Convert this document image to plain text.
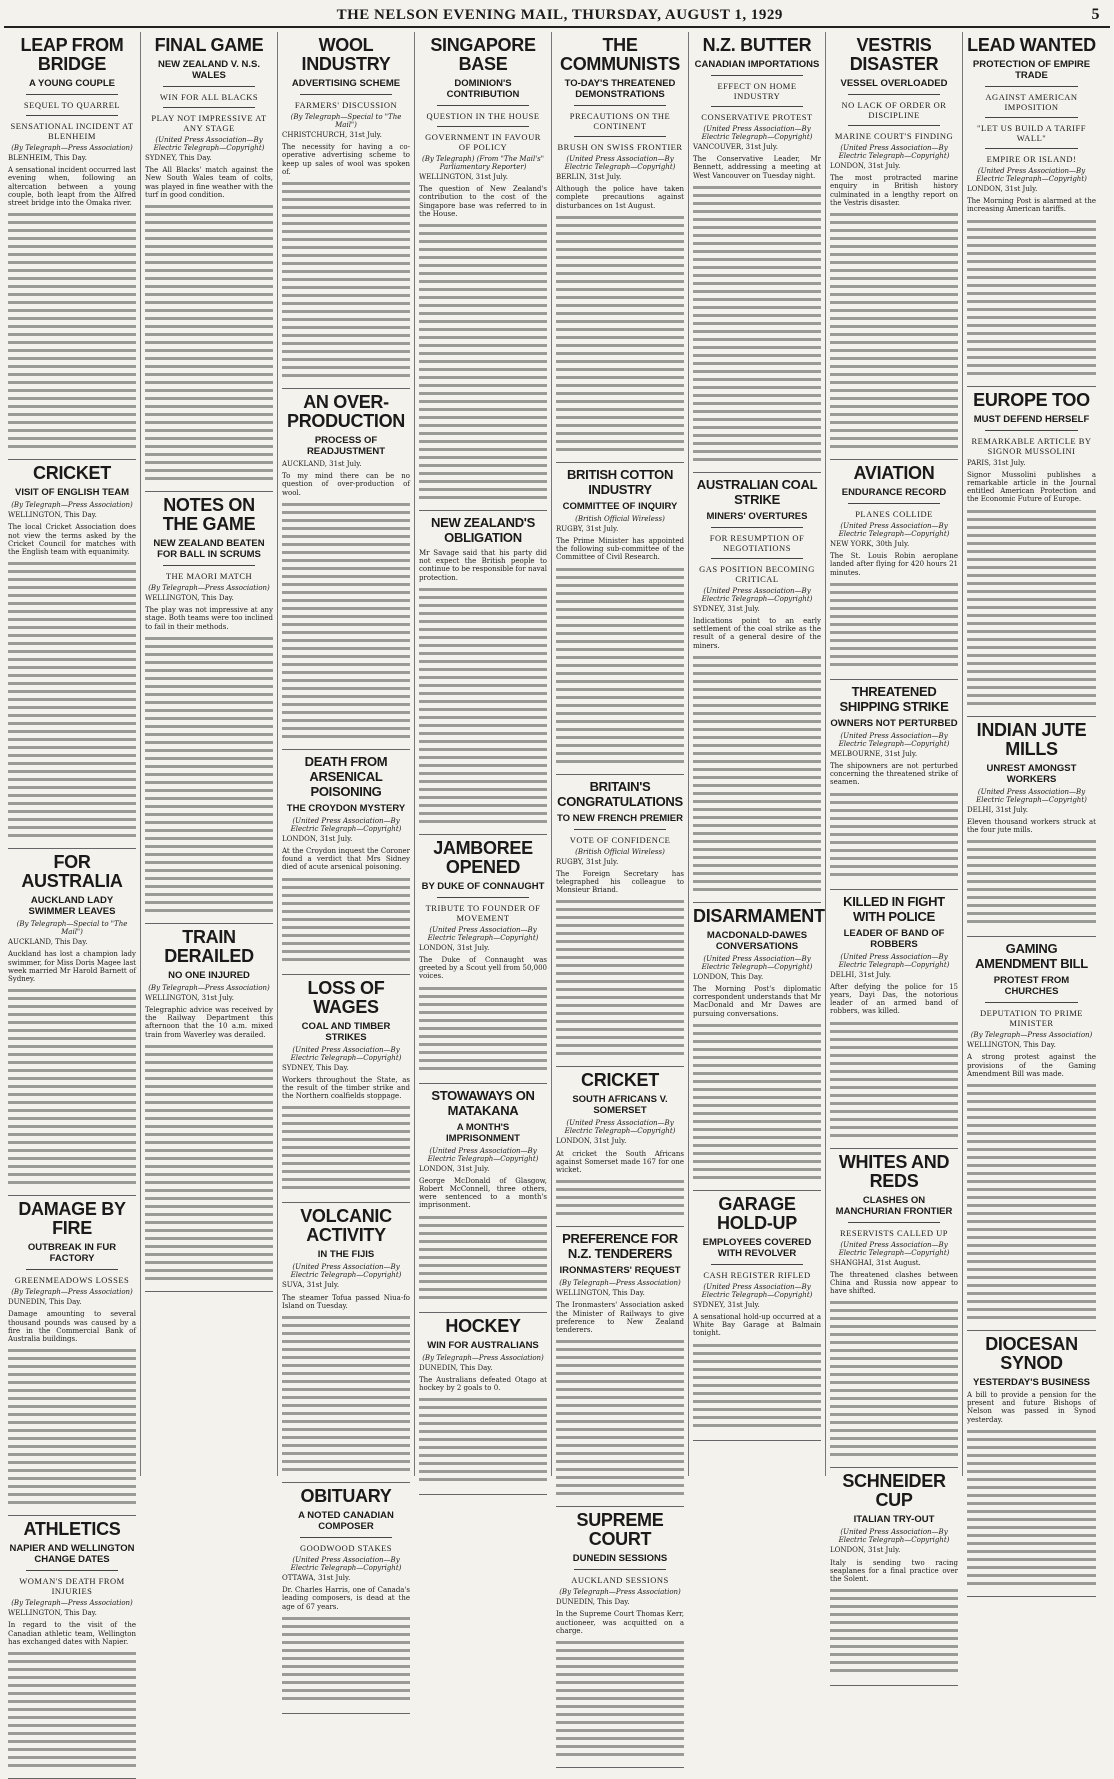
THE NELSON EVENING MAIL, THURSDAY, AUGUST 1, 1929	5
LEAP FROM BRIDGE
A YOUNG COUPLE
SEQUEL TO QUARREL
SENSATIONAL INCIDENT AT BLENHEIM
(By Telegraph—Press Association)
BLENHEIM, This Day.
A sensational incident occurred last evening when, following an altercation between a young couple, both leapt from the Alfred street bridge into the Omaka river.
CRICKET
VISIT OF ENGLISH TEAM
(By Telegraph—Press Association)
WELLINGTON, This Day.
The local Cricket Association does not view the terms asked by the Cricket Council for matches with the English team with equanimity.
FOR AUSTRALIA
AUCKLAND LADY SWIMMER LEAVES
(By Telegraph—Special to "The Mail")
AUCKLAND, This Day.
Auckland has lost a champion lady swimmer, for Miss Doris Magee last week married Mr Harold Barnett of Sydney.
DAMAGE BY FIRE
OUTBREAK IN FUR FACTORY
GREENMEADOWS LOSSES
(By Telegraph—Press Association)
DUNEDIN, This Day.
Damage amounting to several thousand pounds was caused by a fire in the Commercial Bank of Australia buildings.
ATHLETICS
NAPIER AND WELLINGTON CHANGE DATES
WOMAN'S DEATH FROM INJURIES
(By Telegraph—Press Association)
WELLINGTON, This Day.
In regard to the visit of the Canadian athletic team, Wellington has exchanged dates with Napier.
FINAL GAME
NEW ZEALAND V. N.S. WALES
WIN FOR ALL BLACKS
PLAY NOT IMPRESSIVE AT ANY STAGE
(United Press Association—By Electric Telegraph—Copyright)
SYDNEY, This Day.
The All Blacks' match against the New South Wales team of colts, was played in fine weather with the turf in good condition.
NOTES ON THE GAME
NEW ZEALAND BEATEN FOR BALL IN SCRUMS
THE MAORI MATCH
(By Telegraph—Press Association)
WELLINGTON, This Day.
The play was not impressive at any stage. Both teams were too inclined to fail in their methods.
TRAIN DERAILED
NO ONE INJURED
(By Telegraph—Press Association)
WELLINGTON, 31st July.
Telegraphic advice was received by the Railway Department this afternoon that the 10 a.m. mixed train from Waverley was derailed.
WOOL INDUSTRY
ADVERTISING SCHEME
FARMERS' DISCUSSION
(By Telegraph—Special to "The Mail")
CHRISTCHURCH, 31st July.
The necessity for having a co-operative advertising scheme to keep up sales of wool was spoken of.
AN OVER-PRODUCTION
PROCESS OF READJUSTMENT
AUCKLAND, 31st July.
To my mind there can be no question of over-production of wool.
DEATH FROM ARSENICAL POISONING
THE CROYDON MYSTERY
(United Press Association—By Electric Telegraph—Copyright)
LONDON, 31st July.
At the Croydon inquest the Coroner found a verdict that Mrs Sidney died of acute arsenical poisoning.
LOSS OF WAGES
COAL AND TIMBER STRIKES
(United Press Association—By Electric Telegraph—Copyright)
SYDNEY, This Day.
Workers throughout the State, as the result of the timber strike and the Northern coalfields stoppage.
VOLCANIC ACTIVITY
IN THE FIJIS
(United Press Association—By Electric Telegraph—Copyright)
SUVA, 31st July.
The steamer Tofua passed Niua-fo Island on Tuesday.
OBITUARY
A NOTED CANADIAN COMPOSER
GOODWOOD STAKES
(United Press Association—By Electric Telegraph—Copyright)
OTTAWA, 31st July.
Dr. Charles Harris, one of Canada's leading composers, is dead at the age of 67 years.
SINGAPORE BASE
DOMINION'S CONTRIBUTION
QUESTION IN THE HOUSE
GOVERNMENT IN FAVOUR OF POLICY
(By Telegraph) (From "The Mail's" Parliamentary Reporter)
WELLINGTON, 31st July.
The question of New Zealand's contribution to the cost of the Singapore base was referred to in the House.
NEW ZEALAND'S OBLIGATION
Mr Savage said that his party did not expect the British people to continue to be responsible for naval protection.
JAMBOREE OPENED
BY DUKE OF CONNAUGHT
TRIBUTE TO FOUNDER OF MOVEMENT
(United Press Association—By Electric Telegraph—Copyright)
LONDON, 31st July.
The Duke of Connaught was greeted by a Scout yell from 50,000 voices.
STOWAWAYS ON MATAKANA
A MONTH'S IMPRISONMENT
(United Press Association—By Electric Telegraph—Copyright)
LONDON, 31st July.
George McDonald of Glasgow, Robert McConnell, three others, were sentenced to a month's imprisonment.
HOCKEY
WIN FOR AUSTRALIANS
(By Telegraph—Press Association)
DUNEDIN, This Day.
The Australians defeated Otago at hockey by 2 goals to 0.
THE COMMUNISTS
TO-DAY'S THREATENED DEMONSTRATIONS
PRECAUTIONS ON THE CONTINENT
BRUSH ON SWISS FRONTIER
(United Press Association—By Electric Telegraph—Copyright)
BERLIN, 31st July.
Although the police have taken complete precautions against disturbances on 1st August.
BRITISH COTTON INDUSTRY
COMMITTEE OF INQUIRY
(British Official Wireless)
RUGBY, 31st July.
The Prime Minister has appointed the following sub-committee of the Committee of Civil Research.
BRITAIN'S CONGRATULATIONS
TO NEW FRENCH PREMIER
VOTE OF CONFIDENCE
(British Official Wireless)
RUGBY, 31st July.
The Foreign Secretary has telegraphed his colleague to Monsieur Briand.
CRICKET
SOUTH AFRICANS V. SOMERSET
(United Press Association—By Electric Telegraph—Copyright)
LONDON, 31st July.
At cricket the South Africans against Somerset made 167 for one wicket.
PREFERENCE FOR N.Z. TENDERERS
IRONMASTERS' REQUEST
(By Telegraph—Press Association)
WELLINGTON, This Day.
The Ironmasters' Association asked the Minister of Railways to give preference to New Zealand tenderers.
SUPREME COURT
DUNEDIN SESSIONS
AUCKLAND SESSIONS
(By Telegraph—Press Association)
DUNEDIN, This Day.
In the Supreme Court Thomas Kerr, auctioneer, was acquitted on a charge.
N.Z. BUTTER
CANADIAN IMPORTATIONS
EFFECT ON HOME INDUSTRY
CONSERVATIVE PROTEST
(United Press Association—By Electric Telegraph—Copyright)
VANCOUVER, 31st July.
The Conservative Leader, Mr Bennett, addressing a meeting at West Vancouver on Tuesday night.
AUSTRALIAN COAL STRIKE
MINERS' OVERTURES
FOR RESUMPTION OF NEGOTIATIONS
GAS POSITION BECOMING CRITICAL
(United Press Association—By Electric Telegraph—Copyright)
SYDNEY, 31st July.
Indications point to an early settlement of the coal strike as the result of a general desire of the miners.
DISARMAMENT
MACDONALD-DAWES CONVERSATIONS
(United Press Association—By Electric Telegraph—Copyright)
LONDON, This Day.
The Morning Post's diplomatic correspondent understands that Mr MacDonald and Mr Dawes are pursuing conversations.
GARAGE HOLD-UP
EMPLOYEES COVERED WITH REVOLVER
CASH REGISTER RIFLED
(United Press Association—By Electric Telegraph—Copyright)
SYDNEY, 31st July.
A sensational hold-up occurred at a White Bay Garage at Balmain tonight.
VESTRIS DISASTER
VESSEL OVERLOADED
NO LACK OF ORDER OR DISCIPLINE
MARINE COURT'S FINDING
(United Press Association—By Electric Telegraph—Copyright)
LONDON, 31st July.
The most protracted marine enquiry in British history culminated in a lengthy report on the Vestris disaster.
AVIATION
ENDURANCE RECORD
PLANES COLLIDE
(United Press Association—By Electric Telegraph—Copyright)
NEW YORK, 30th July.
The St. Louis Robin aeroplane landed after flying for 420 hours 21 minutes.
THREATENED SHIPPING STRIKE
OWNERS NOT PERTURBED
(United Press Association—By Electric Telegraph—Copyright)
MELBOURNE, 31st July.
The shipowners are not perturbed concerning the threatened strike of seamen.
KILLED IN FIGHT WITH POLICE
LEADER OF BAND OF ROBBERS
(United Press Association—By Electric Telegraph—Copyright)
DELHI, 31st July.
After defying the police for 15 years, Dayi Das, the notorious leader of an armed band of robbers, was killed.
WHITES AND REDS
CLASHES ON MANCHURIAN FRONTIER
RESERVISTS CALLED UP
(United Press Association—By Electric Telegraph—Copyright)
SHANGHAI, 31st August.
The threatened clashes between China and Russia now appear to have shifted.
SCHNEIDER CUP
ITALIAN TRY-OUT
(United Press Association—By Electric Telegraph—Copyright)
LONDON, 31st July.
Italy is sending two racing seaplanes for a final practice over the Solent.
LEAD WANTED
PROTECTION OF EMPIRE TRADE
AGAINST AMERICAN IMPOSITION
"LET US BUILD A TARIFF WALL"
EMPIRE OR ISLAND!
(United Press Association—By Electric Telegraph—Copyright)
LONDON, 31st July.
The Morning Post is alarmed at the increasing American tariffs.
EUROPE TOO
MUST DEFEND HERSELF
REMARKABLE ARTICLE BY SIGNOR MUSSOLINI
PARIS, 31st July.
Signor Mussolini publishes a remarkable article in the Journal entitled American Protection and the Economic Future of Europe.
INDIAN JUTE MILLS
UNREST AMONGST WORKERS
(United Press Association—By Electric Telegraph—Copyright)
DELHI, 31st July.
Eleven thousand workers struck at the four jute mills.
GAMING AMENDMENT BILL
PROTEST FROM CHURCHES
DEPUTATION TO PRIME MINISTER
(By Telegraph—Press Association)
WELLINGTON, This Day.
A strong protest against the provisions of the Gaming Amendment Bill was made.
DIOCESAN SYNOD
YESTERDAY'S BUSINESS
A bill to provide a pension for the present and future Bishops of Nelson was passed in Synod yesterday.
